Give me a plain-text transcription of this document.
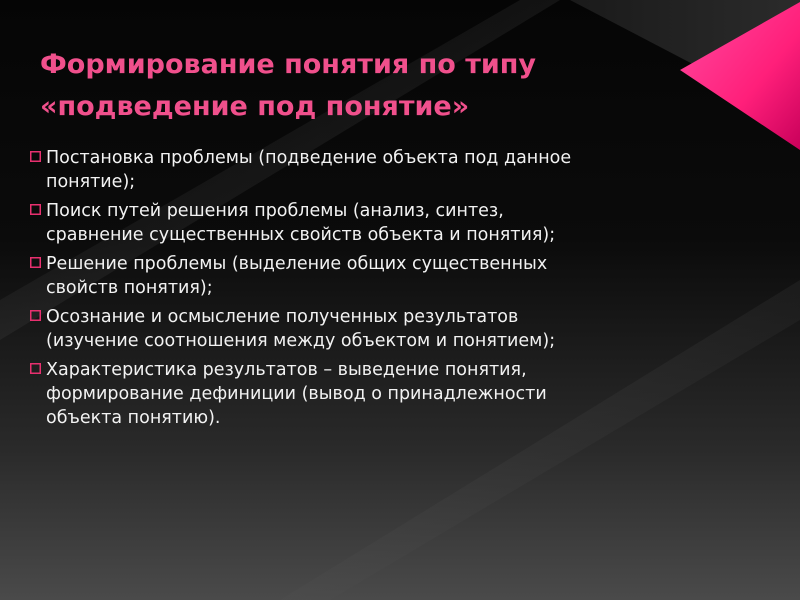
Формирование понятия по типу
«подведение под понятие»
Постановка проблемы (подведение объекта под данное
понятие);
Поиск путей решения проблемы (анализ, синтез,
сравнение существенных свойств объекта и понятия);
Решение проблемы (выделение общих существенных
свойств понятия);
Осознание и осмысление полученных результатов
(изучение соотношения между объектом и понятием);
Характеристика результатов – выведение понятия,
формирование дефиниции (вывод о принадлежности
объекта понятию).
